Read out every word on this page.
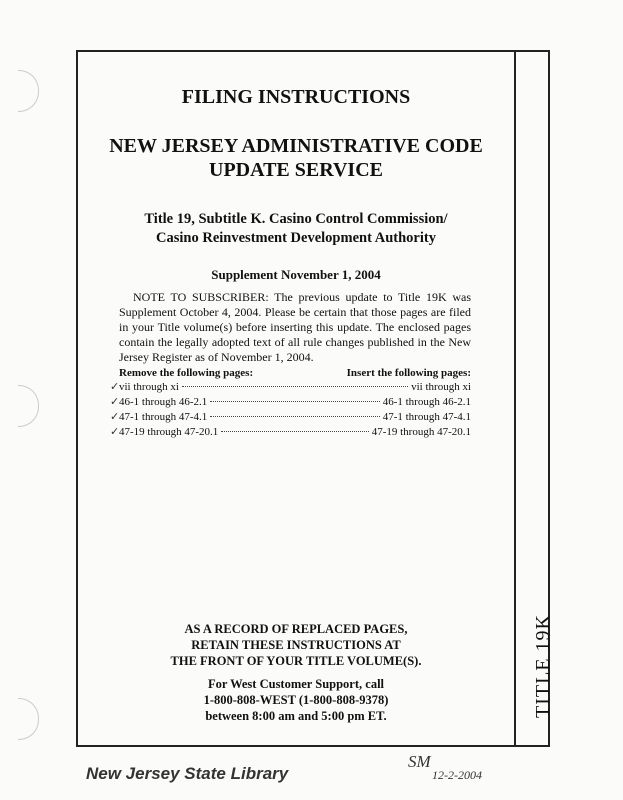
TITLE 19K
FILING INSTRUCTIONS
NEW JERSEY ADMINISTRATIVE CODE
UPDATE SERVICE
Title 19, Subtitle K. Casino Control Commission/
Casino Reinvestment Development Authority
Supplement November 1, 2004
NOTE TO SUBSCRIBER: The previous update to Title 19K was Supplement October 4, 2004. Please be certain that those pages are filed in your Title volume(s) before inserting this update. The enclosed pages contain the legally adopted text of all rule changes published in the New Jersey Register as of November 1, 2004.
Remove the following pages:	Insert the following pages:
✓ vii through xi	vii through xi
✓ 46-1 through 46-2.1	46-1 through 46-2.1
✓ 47-1 through 47-4.1	47-1 through 47-4.1
✓ 47-19 through 47-20.1	47-19 through 47-20.1
AS A RECORD OF REPLACED PAGES,
RETAIN THESE INSTRUCTIONS AT
THE FRONT OF YOUR TITLE VOLUME(S).
For West Customer Support, call
1-800-808-WEST (1-800-808-9378)
between 8:00 am and 5:00 pm ET.
New Jersey State Library
SM
12-2-2004
